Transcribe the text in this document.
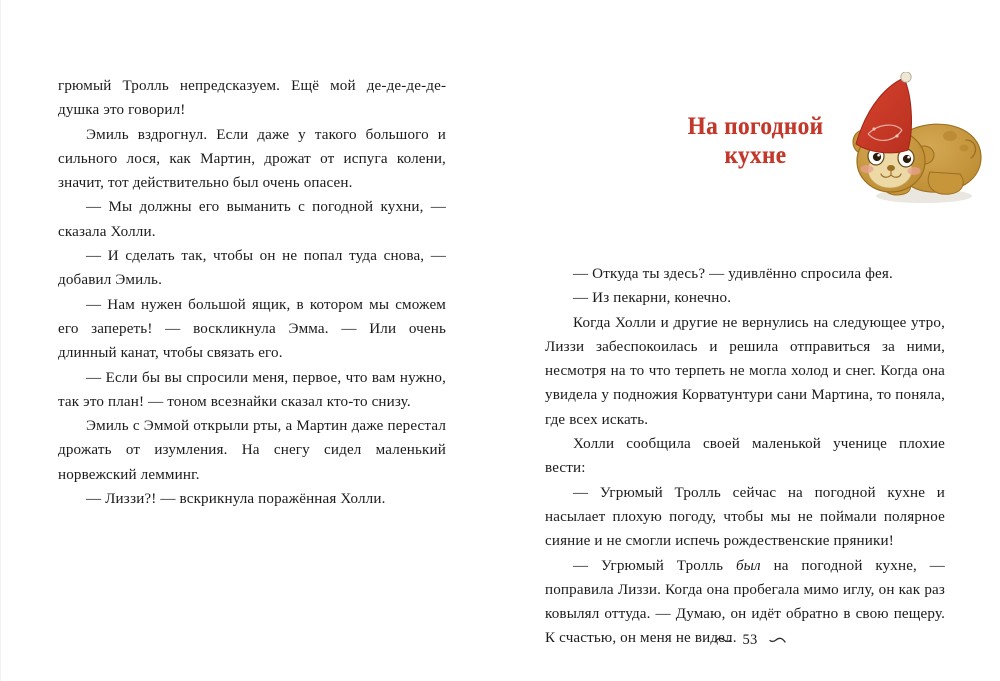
грюмый Тролль непредсказуем. Ещё мой де-де-де-дедушка это говорил!

Эмиль вздрогнул. Если даже у такого большого и сильного лося, как Мартин, дрожат от испуга колени, значит, тот действительно был очень опасен.

— Мы должны его выманить с погодной кухни, — сказала Холли.

— И сделать так, чтобы он не попал туда снова, — добавил Эмиль.

— Нам нужен большой ящик, в котором мы сможем его запереть! — воскликнула Эмма. — Или очень длинный канат, чтобы связать его.

— Если бы вы спросили меня, первое, что вам нужно, так это план! — тоном всезнайки сказал кто-то снизу.

Эмиль с Эммой открыли рты, а Мартин даже перестал дрожать от изумления. На снегу сидел маленький норвежский лемминг.

— Лиззи?! — вскрикнула поражённая Холли.

На погодной
кухне

— Откуда ты здесь? — удивлённо спросила фея.

— Из пекарни, конечно.

Когда Холли и другие не вернулись на следующее утро, Лиззи забеспокоилась и решила отправиться за ними, несмотря на то что терпеть не могла холод и снег. Когда она увидела у подножия Корватунтури сани Мартина, то поняла, где всех искать.

Холли сообщила своей маленькой ученице плохие вести:

— Угрюмый Тролль сейчас на погодной кухне и насылает плохую погоду, чтобы мы не поймали полярное сияние и не смогли испечь рождественские пряники!

— Угрюмый Тролль был на погодной кухне, — поправила Лиззи. Когда она пробегала мимо иглу, он как раз ковылял оттуда. — Думаю, он идёт обратно в свою пещеру. К счастью, он меня не видел. 53
